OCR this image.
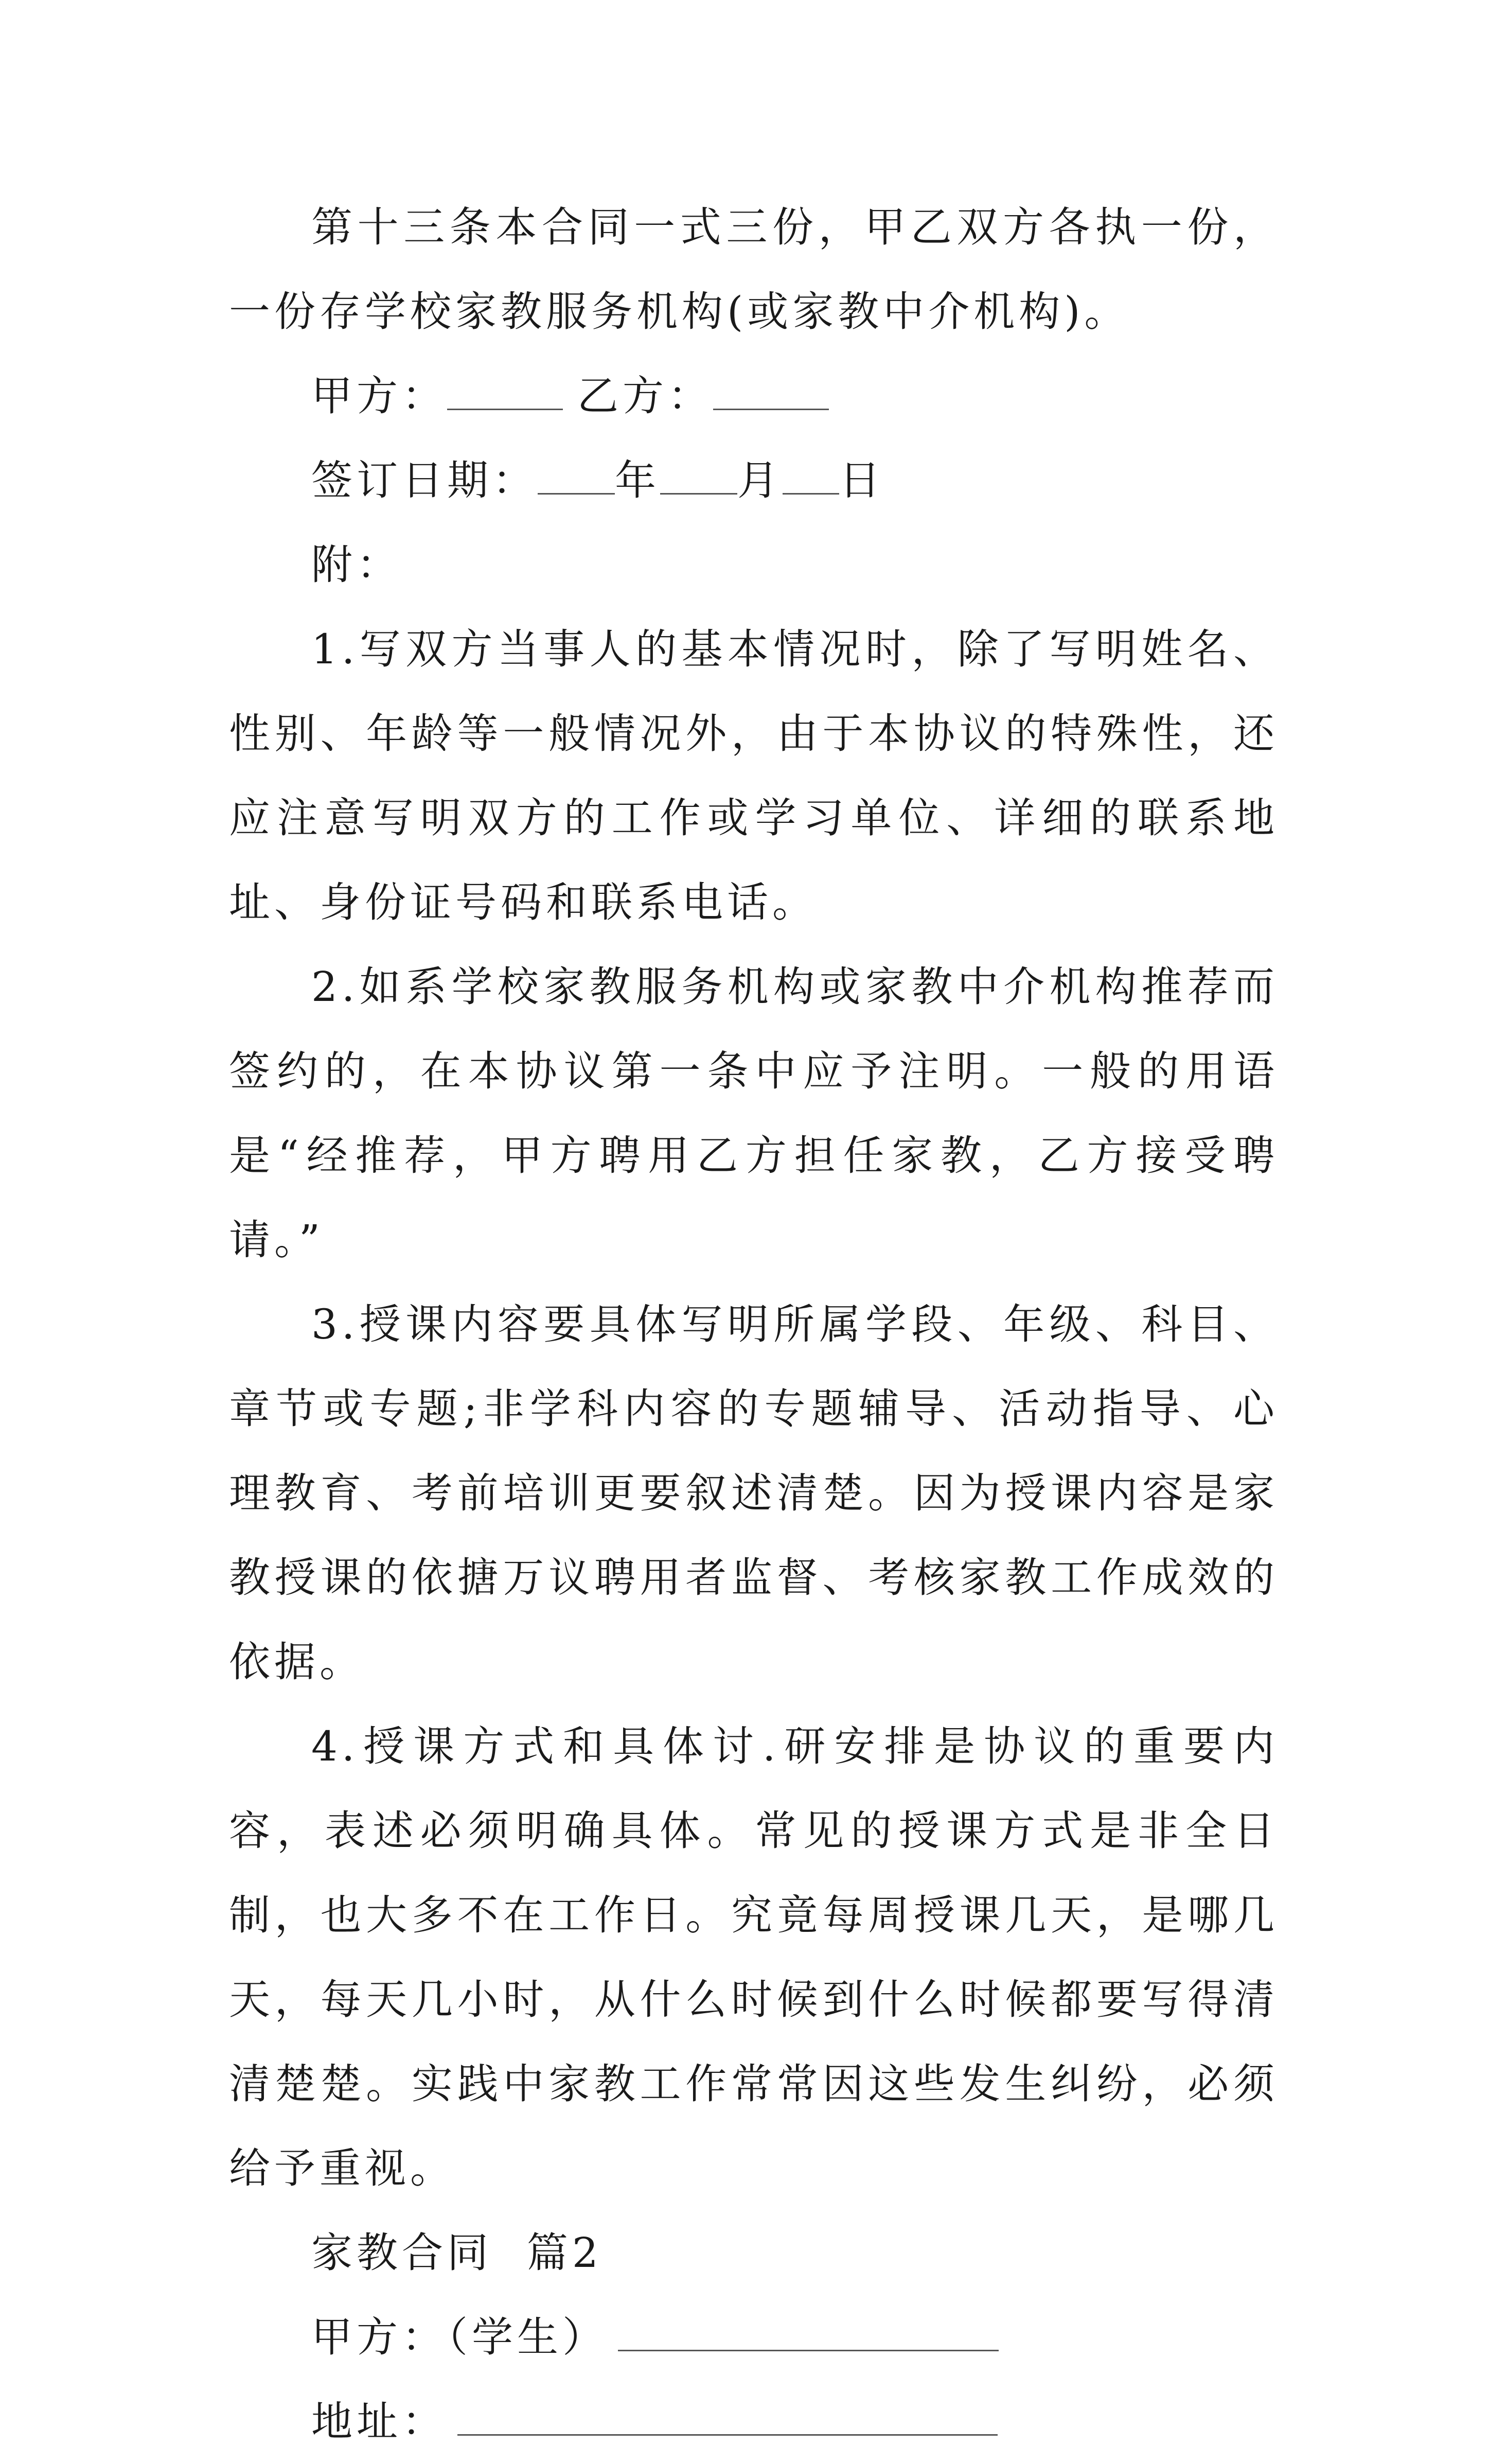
第十三条本合同一式三份，甲乙双方各执一份，一份存学校家教服务机构(或家教中介机构)。

甲方：	乙方：

签订日期： 年 月 日

附：

1.写双方当事人的基本情况时，除了写明姓名、性别、年龄等一般情况外，由于本协议的特殊性，还应注意写明双方的工作或学习单位、详细的联系地址、身份证号码和联系电话。

2.如系学校家教服务机构或家教中介机构推荐而签约的，在本协议第一条中应予注明。一般的用语是“经推荐，甲方聘用乙方担任家教，乙方接受聘请。”

3.授课内容要具体写明所属学段、年级、科目、章节或专题;非学科内容的专题辅导、活动指导、心理教育、考前培训更要叙述清楚。因为授课内容是家教授课的依搪万议聘用者监督、考核家教工作成效的依据。

4.授课方式和具体讨.研安排是协议的重要内容，表述必须明确具体。常见的授课方式是非全日制，也大多不在工作日。究竟每周授课几天，是哪几天，每天几小时，从什么时候到什么时候都要写得清清楚楚。实践中家教工作常常因这些发生纠纷，必须给予重视。

家教合同  篇2

甲方：（学生）

地址：
